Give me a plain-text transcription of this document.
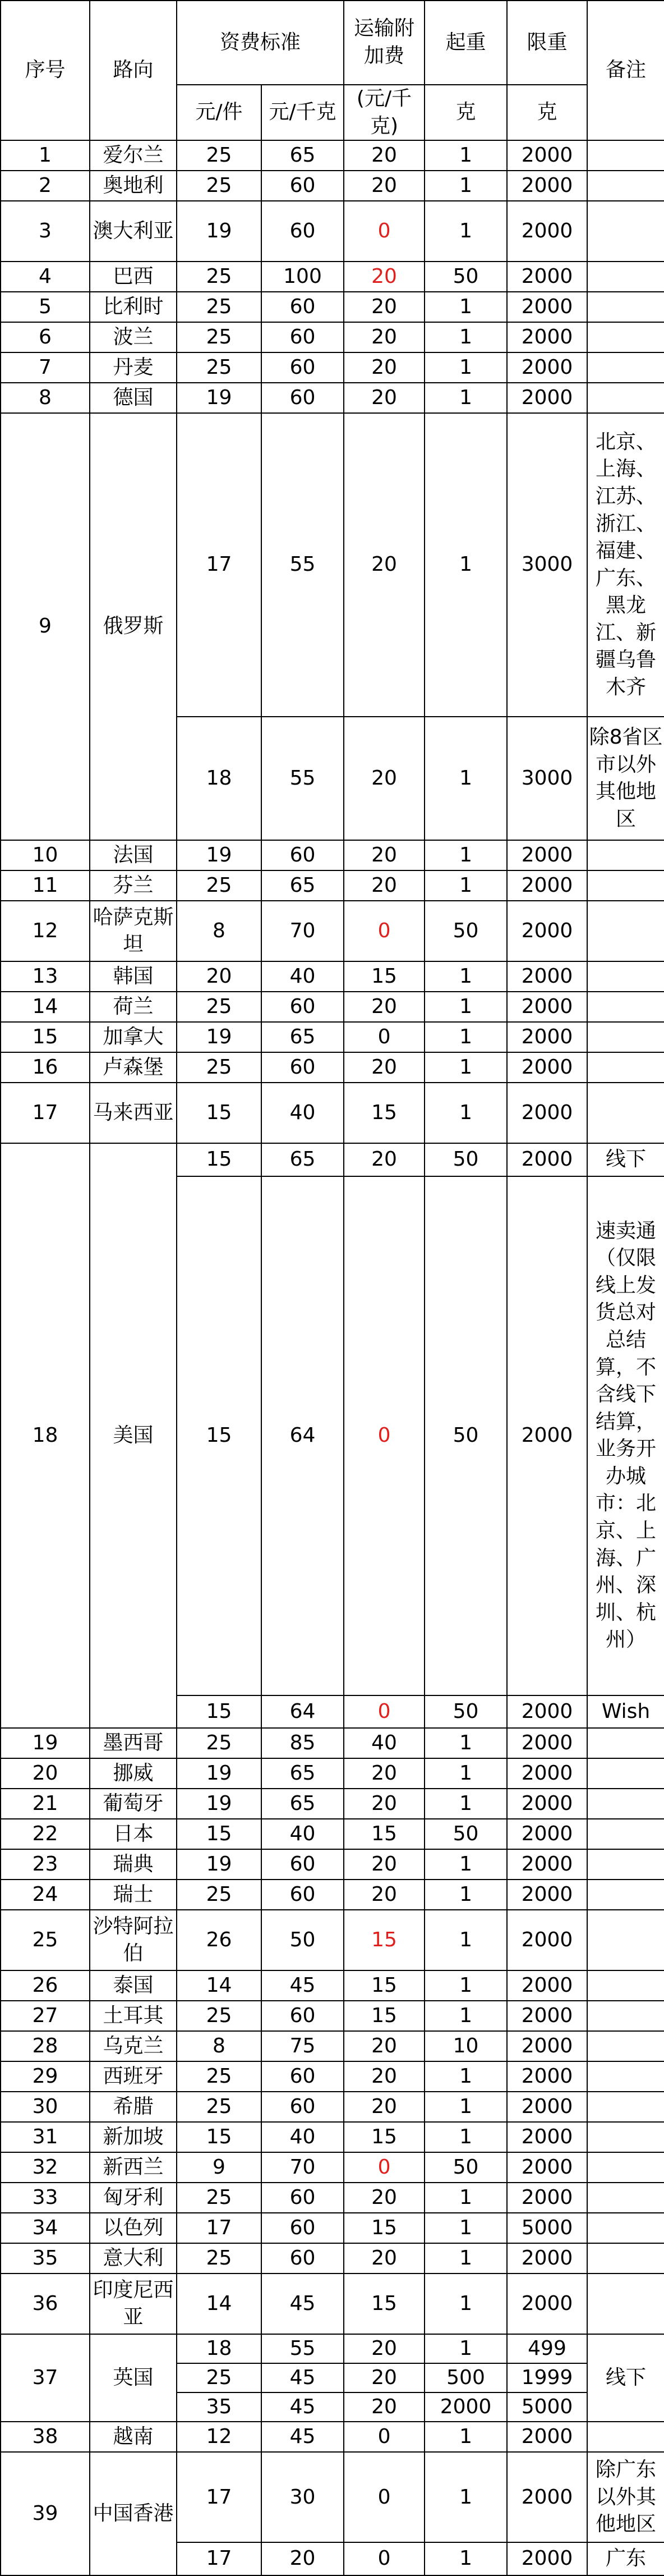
序号	路向	资费标准		运输附加费	起重	限重	备注
		元/件	元/千克	(元/千克)	克	克	
1	爱尔兰	25	65	20	1	2000	
2	奥地利	25	60	20	1	2000	
3	澳大利亚	19	60	0	1	2000	
4	巴西	25	100	20	50	2000	
5	比利时	25	60	20	1	2000	
6	波兰	25	60	20	1	2000	
7	丹麦	25	60	20	1	2000	
8	德国	19	60	20	1	2000	
9	俄罗斯	17	55	20	1	3000	北京、上海、江苏、浙江、福建、广东、黑龙江、新疆乌鲁木齐
		18	55	20	1	3000	除8省区市以外其他地区
10	法国	19	60	20	1	2000	
11	芬兰	25	65	20	1	2000	
12	哈萨克斯坦	8	70	0	50	2000	
13	韩国	20	40	15	1	2000	
14	荷兰	25	60	20	1	2000	
15	加拿大	19	65	0	1	2000	
16	卢森堡	25	60	20	1	2000	
17	马来西亚	15	40	15	1	2000	
18	美国	15	65	20	50	2000	线下
		15	64	0	50	2000	速卖通（仅限线上发货总对总结算，不含线下结算，业务开办城市：北京、上海、广州、深圳、杭州）
		15	64	0	50	2000	Wish
19	墨西哥	25	85	40	1	2000	
20	挪威	19	65	20	1	2000	
21	葡萄牙	19	65	20	1	2000	
22	日本	15	40	15	50	2000	
23	瑞典	19	60	20	1	2000	
24	瑞士	25	60	20	1	2000	
25	沙特阿拉伯	26	50	15	1	2000	
26	泰国	14	45	15	1	2000	
27	土耳其	25	60	15	1	2000	
28	乌克兰	8	75	20	10	2000	
29	西班牙	25	60	20	1	2000	
30	希腊	25	60	20	1	2000	
31	新加坡	15	40	15	1	2000	
32	新西兰	9	70	0	50	2000	
33	匈牙利	25	60	20	1	2000	
34	以色列	17	60	15	1	5000	
35	意大利	25	60	20	1	2000	
36	印度尼西亚	14	45	15	1	2000	
37	英国	18	55	20	1	499	线下
		25	45	20	500	1999	
		35	45	20	2000	5000	
38	越南	12	45	0	1	2000	
39	中国香港	17	30	0	1	2000	除广东以外其他地区
		17	20	0	1	2000	广东
